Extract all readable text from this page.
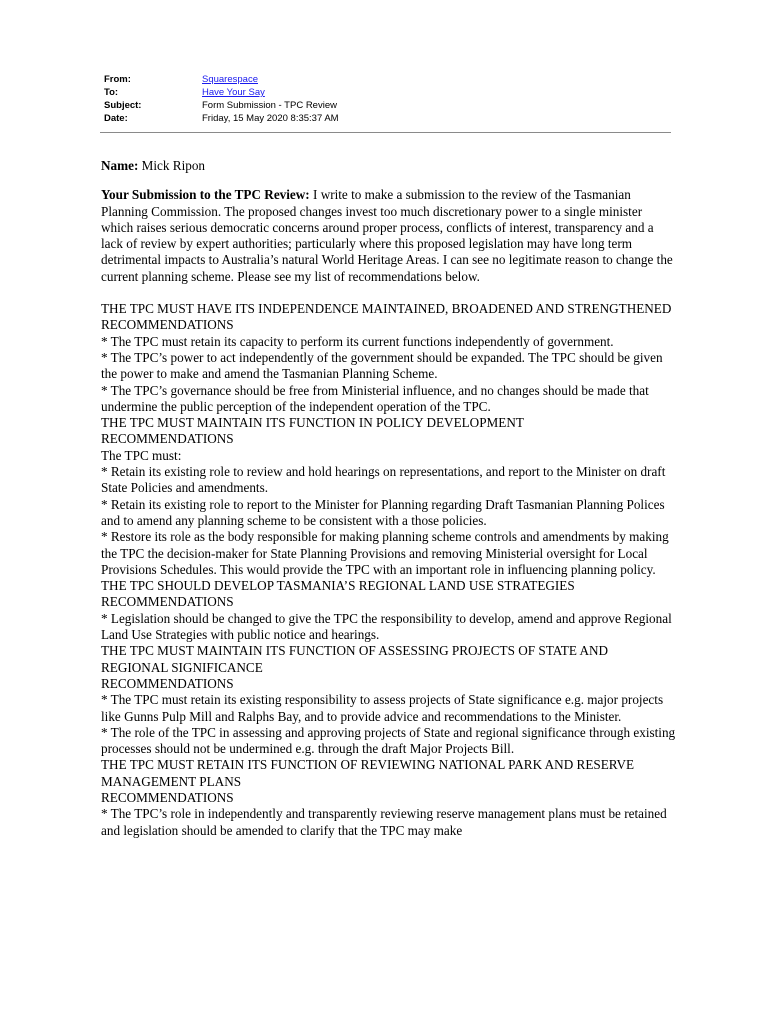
From:	Squarespace
To:	Have Your Say
Subject:	Form Submission - TPC Review
Date:	Friday, 15 May 2020 8:35:37 AM

Name: Mick Ripon

Your Submission to the TPC Review: I write to make a submission to the review of the Tasmanian Planning Commission. The proposed changes invest too much discretionary power to a single minister which raises serious democratic concerns around proper process, conflicts of interest, transparency and a lack of review by expert authorities; particularly where this proposed legislation may have long term detrimental impacts to Australia’s natural World Heritage Areas. I can see no legitimate reason to change the current planning scheme. Please see my list of recommendations below.

THE TPC MUST HAVE ITS INDEPENDENCE MAINTAINED, BROADENED AND STRENGTHENED

RECOMMENDATIONS

* The TPC must retain its capacity to perform its current functions independently of government.

* The TPC’s power to act independently of the government should be expanded. The TPC should be given the power to make and amend the Tasmanian Planning Scheme.

* The TPC’s governance should be free from Ministerial influence, and no changes should be made that undermine the public perception of the independent operation of the TPC.

THE TPC MUST MAINTAIN ITS FUNCTION IN POLICY DEVELOPMENT

RECOMMENDATIONS

The TPC must:

* Retain its existing role to review and hold hearings on representations, and report to the Minister on draft State Policies and amendments.

* Retain its existing role to report to the Minister for Planning regarding Draft Tasmanian Planning Polices and to amend any planning scheme to be consistent with a those policies.

* Restore its role as the body responsible for making planning scheme controls and amendments by making the TPC the decision-maker for State Planning Provisions and removing Ministerial oversight for Local Provisions Schedules. This would provide the TPC with an important role in influencing planning policy.

THE TPC SHOULD DEVELOP TASMANIA’S REGIONAL LAND USE STRATEGIES

RECOMMENDATIONS

* Legislation should be changed to give the TPC the responsibility to develop, amend and approve Regional Land Use Strategies with public notice and hearings.

THE TPC MUST MAINTAIN ITS FUNCTION OF ASSESSING PROJECTS OF STATE AND REGIONAL SIGNIFICANCE

RECOMMENDATIONS

* The TPC must retain its existing responsibility to assess projects of State significance e.g. major projects like Gunns Pulp Mill and Ralphs Bay, and to provide advice and recommendations to the Minister.

* The role of the TPC in assessing and approving projects of State and regional significance through existing processes should not be undermined e.g. through the draft Major Projects Bill.

THE TPC MUST RETAIN ITS FUNCTION OF REVIEWING NATIONAL PARK AND RESERVE MANAGEMENT PLANS

RECOMMENDATIONS

* The TPC’s role in independently and transparently reviewing reserve management plans must be retained and legislation should be amended to clarify that the TPC may make
